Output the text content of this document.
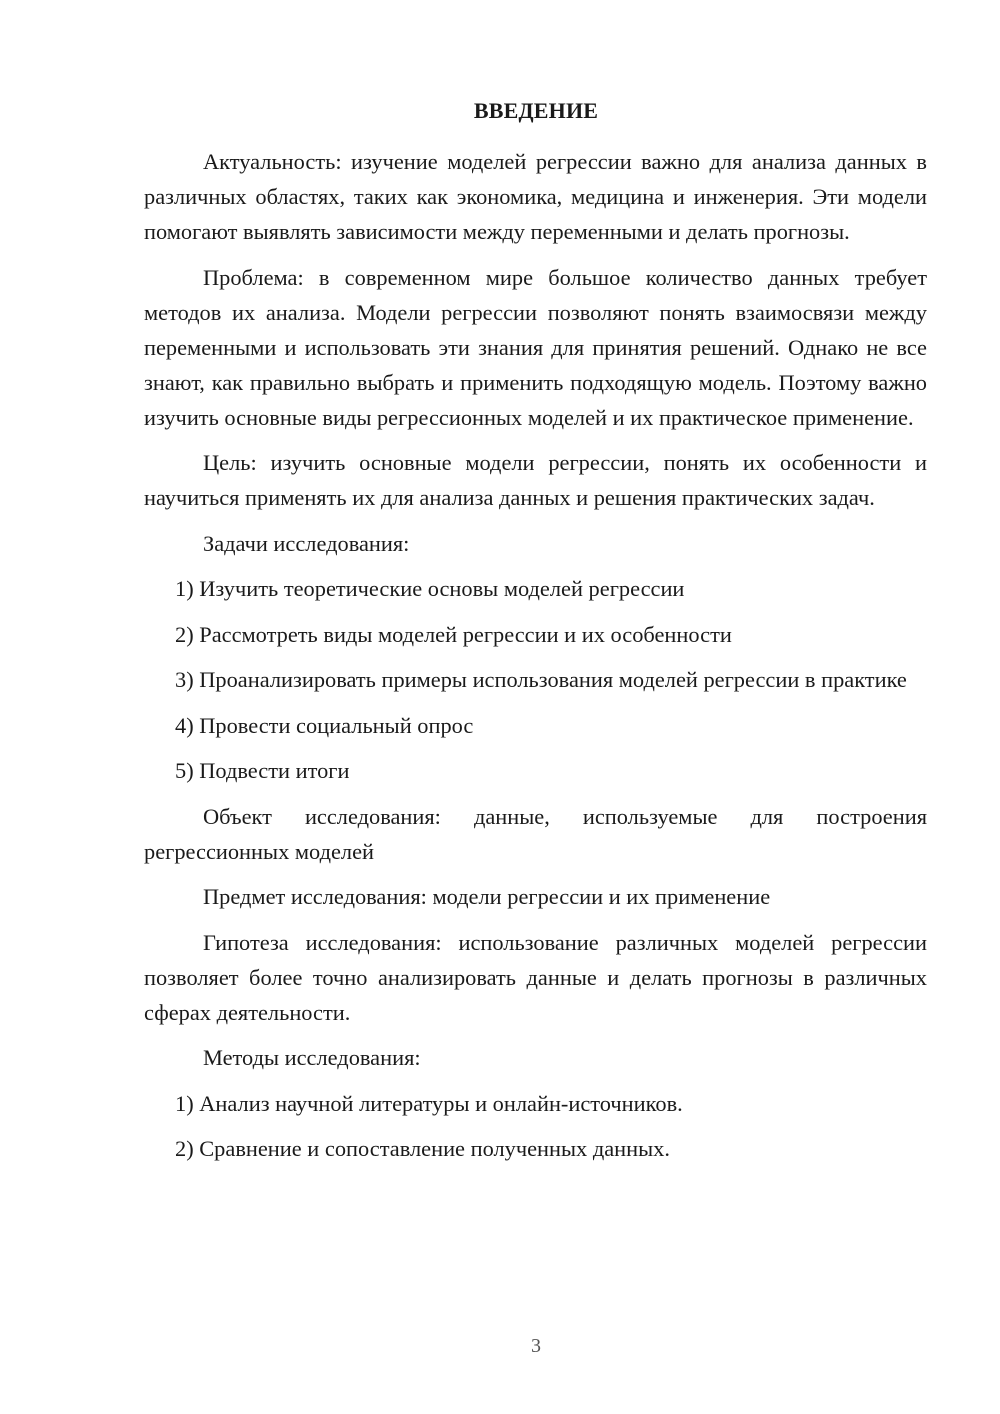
ВВЕДЕНИЕ

Актуальность: изучение моделей регрессии важно для анализа данных в различных областях, таких как экономика, медицина и инженерия. Эти модели помогают выявлять зависимости между переменными и делать прогнозы.

Проблема: в современном мире большое количество данных требует методов их анализа. Модели регрессии позволяют понять взаимосвязи между переменными и использовать эти знания для принятия решений. Однако не все знают, как правильно выбрать и применить подходящую модель. Поэтому важно изучить основные виды регрессионных моделей и их практическое применение.

Цель: изучить основные модели регрессии, понять их особенности и научиться применять их для анализа данных и решения практических задач.

Задачи исследования:

1) Изучить теоретические основы моделей регрессии

2) Рассмотреть виды моделей регрессии и их особенности

3) Проанализировать примеры использования моделей регрессии в практике

4) Провести социальный опрос

5) Подвести итоги

Объект исследования: данные, используемые для построения регрессионных моделей

Предмет исследования: модели регрессии и их применение

Гипотеза исследования: использование различных моделей регрессии позволяет более точно анализировать данные и делать прогнозы в различных сферах деятельности.

Методы исследования:

1) Анализ научной литературы и онлайн-источников.

2) Сравнение и сопоставление полученных данных.

3
